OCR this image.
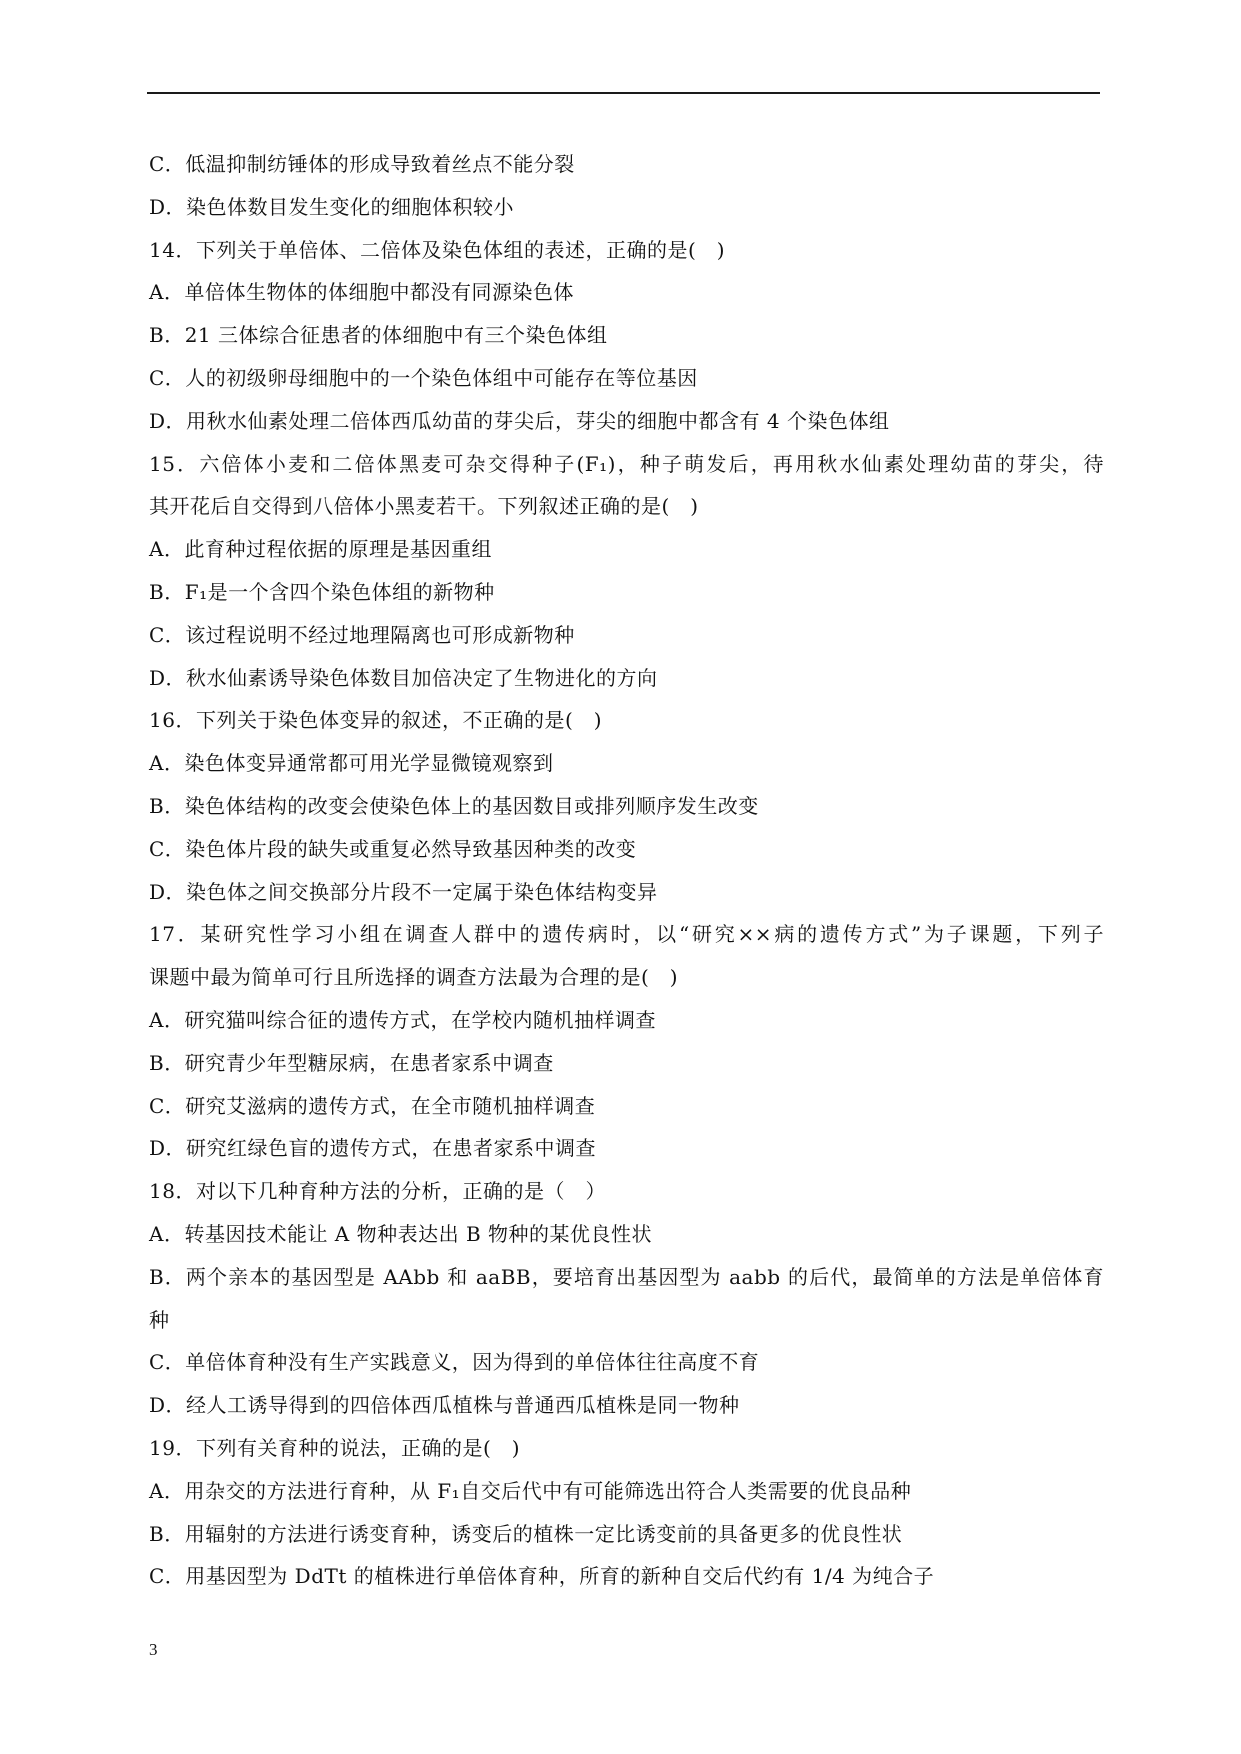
C．低温抑制纺锤体的形成导致着丝点不能分裂
D．染色体数目发生变化的细胞体积较小
14．下列关于单倍体、二倍体及染色体组的表述，正确的是(　)
A．单倍体生物体的体细胞中都没有同源染色体
B．21 三体综合征患者的体细胞中有三个染色体组
C．人的初级卵母细胞中的一个染色体组中可能存在等位基因
D．用秋水仙素处理二倍体西瓜幼苗的芽尖后，芽尖的细胞中都含有 4 个染色体组
15．六倍体小麦和二倍体黑麦可杂交得种子(F₁)，种子萌发后，再用秋水仙素处理幼苗的芽尖，待
其开花后自交得到八倍体小黑麦若干。下列叙述正确的是(　)
A．此育种过程依据的原理是基因重组
B．F₁是一个含四个染色体组的新物种
C．该过程说明不经过地理隔离也可形成新物种
D．秋水仙素诱导染色体数目加倍决定了生物进化的方向
16．下列关于染色体变异的叙述，不正确的是(　)
A．染色体变异通常都可用光学显微镜观察到
B．染色体结构的改变会使染色体上的基因数目或排列顺序发生改变
C．染色体片段的缺失或重复必然导致基因种类的改变
D．染色体之间交换部分片段不一定属于染色体结构变异
17．某研究性学习小组在调查人群中的遗传病时，以“研究××病的遗传方式”为子课题，下列子
课题中最为简单可行且所选择的调查方法最为合理的是(　)
A．研究猫叫综合征的遗传方式，在学校内随机抽样调查
B．研究青少年型糖尿病，在患者家系中调查
C．研究艾滋病的遗传方式，在全市随机抽样调查
D．研究红绿色盲的遗传方式，在患者家系中调查
18．对以下几种育种方法的分析，正确的是（　）
A．转基因技术能让 A 物种表达出 B 物种的某优良性状
B．两个亲本的基因型是 AAbb 和 aaBB，要培育出基因型为 aabb 的后代，最简单的方法是单倍体育
种
C．单倍体育种没有生产实践意义，因为得到的单倍体往往高度不育
D．经人工诱导得到的四倍体西瓜植株与普通西瓜植株是同一物种
19．下列有关育种的说法，正确的是(　)
A．用杂交的方法进行育种，从 F₁自交后代中有可能筛选出符合人类需要的优良品种
B．用辐射的方法进行诱变育种，诱变后的植株一定比诱变前的具备更多的优良性状
C．用基因型为 DdTt 的植株进行单倍体育种，所育的新种自交后代约有 1/4 为纯合子
3
